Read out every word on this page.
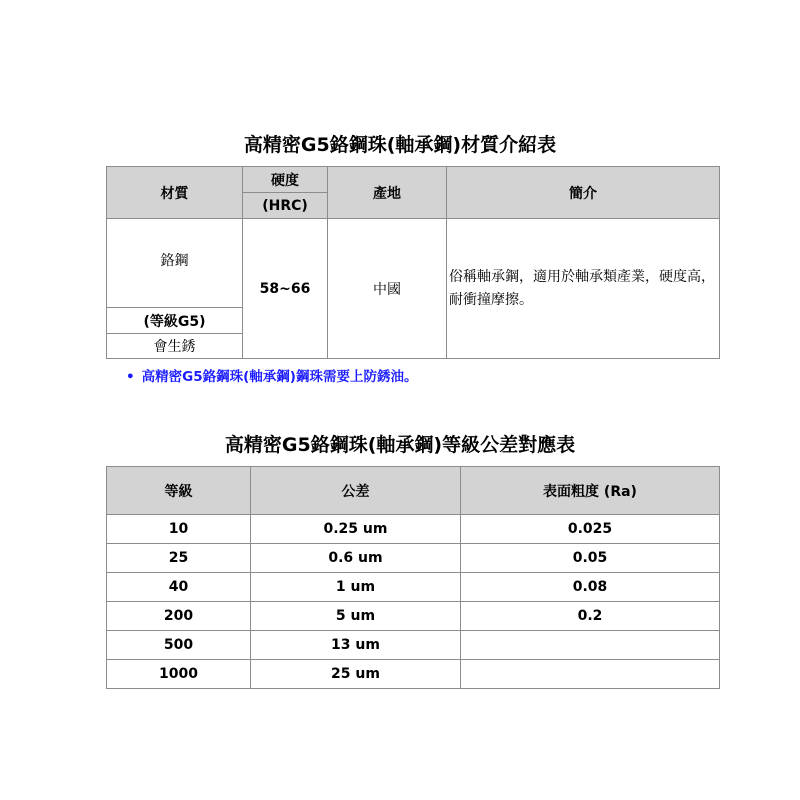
高精密G5鉻鋼珠(軸承鋼)材質介紹表
材質	硬度	產地	簡介
	(HRC)		
鉻鋼	58~66	中國	俗稱軸承鋼，適用於軸承類產業，硬度高，耐衝撞摩擦。
(等級G5)			
會生銹			
• 高精密G5鉻鋼珠(軸承鋼)鋼珠需要上防銹油。
高精密G5鉻鋼珠(軸承鋼)等級公差對應表
等級	公差	表面粗度 (Ra)
10	0.25 um	0.025
25	0.6 um	0.05
40	1 um	0.08
200	5 um	0.2
500	13 um	
1000	25 um	
